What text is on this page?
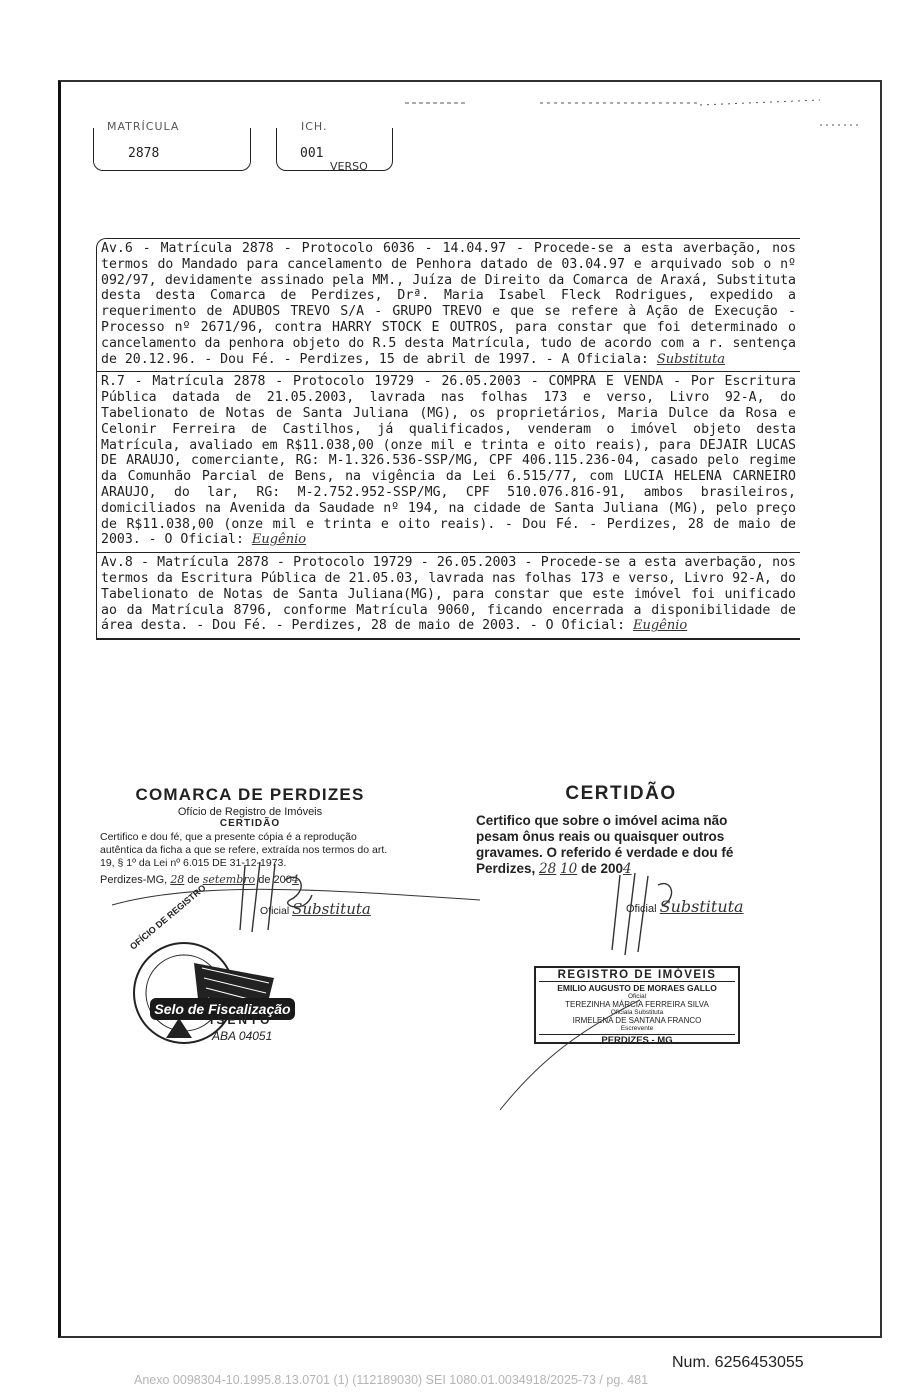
MATRÍCULA
2878
ICH.
001
VERSO
Av.6 - Matrícula 2878 - Protocolo 6036 - 14.04.97 - Procede-se a esta averbação, nos termos do Mandado para cancelamento de Penhora datado de 03.04.97 e arquivado sob o nº 092/97, devidamente assinado pela MM., Juíza de Direito da Comarca de Araxá, Substituta desta desta Comarca de Perdizes, Drª. Maria Isabel Fleck Rodrigues, expedido a requerimento de ADUBOS TREVO S/A - GRUPO TREVO e que se refere à Ação de Execução - Processo nº 2671/96, contra HARRY STOCK E OUTROS, para constar que foi determinado o cancelamento da penhora objeto do R.5 desta Matrícula, tudo de acordo com a r. sentença de 20.12.96. - Dou Fé. - Perdizes, 15 de abril de 1997. - A Oficiala: Substituta
R.7 - Matrícula 2878 - Protocolo 19729 - 26.05.2003 - COMPRA E VENDA - Por Escritura Pública datada de 21.05.2003, lavrada nas folhas 173 e verso, Livro 92-A, do Tabelionato de Notas de Santa Juliana (MG), os proprietários, Maria Dulce da Rosa e Celonir Ferreira de Castilhos, já qualificados, venderam o imóvel objeto desta Matrícula, avaliado em R$11.038,00 (onze mil e trinta e oito reais), para DEJAIR LUCAS DE ARAUJO, comerciante, RG: M-1.326.536-SSP/MG, CPF 406.115.236-04, casado pelo regime da Comunhão Parcial de Bens, na vigência da Lei 6.515/77, com LUCIA HELENA CARNEIRO ARAUJO, do lar, RG: M-2.752.952-SSP/MG, CPF 510.076.816-91, ambos brasileiros, domiciliados na Avenida da Saudade nº 194, na cidade de Santa Juliana (MG), pelo preço de R$11.038,00 (onze mil e trinta e oito reais). - Dou Fé. - Perdizes, 28 de maio de 2003. - O Oficial: Eugênio
Av.8 - Matrícula 2878 - Protocolo 19729 - 26.05.2003 - Procede-se a esta averbação, nos termos da Escritura Pública de 21.05.03, lavrada nas folhas 173 e verso, Livro 92-A, do Tabelionato de Notas de Santa Juliana(MG), para constar que este imóvel foi unificado ao da Matrícula 8796, conforme Matrícula 9060, ficando encerrada a disponibilidade de área desta. - Dou Fé. - Perdizes, 28 de maio de 2003. - O Oficial: Eugênio
COMARCA DE PERDIZES
Ofício de Registro de Imóveis
CERTIDÃO
Certifico e dou fé, que a presente cópia é a reprodução autêntica da ficha a que se refere, extraída nos termos do art. 19, § 1º da Lei nº 6.015 DE 31-12-1973.
Perdizes-MG, 28 de setembro de 2004
Oficial Substituta
OFÍCIO DE REGISTRO
Selo de Fiscalização
ISENTO
ABA 04051
CERTIDÃO
Certifico que sobre o imóvel acima não pesam ônus reais ou quaisquer outros gravames. O referido é verdade e dou fé Perdizes, 28 10 de 2004
Oficial Substituta
REGISTRO DE IMÓVEIS
EMILIO AUGUSTO DE MORAES GALLO
Oficial
TEREZINHA MÁRCIA FERREIRA SILVA
Oficiala Substituta
IRMELENA DE SANTANA FRANCO
Escrevente
PERDIZES - MG
Num. 6256453055
Anexo 0098304-10.1995.8.13.0701 (1) (112189030) SEI 1080.01.0034918/2025-73 / pg. 481
